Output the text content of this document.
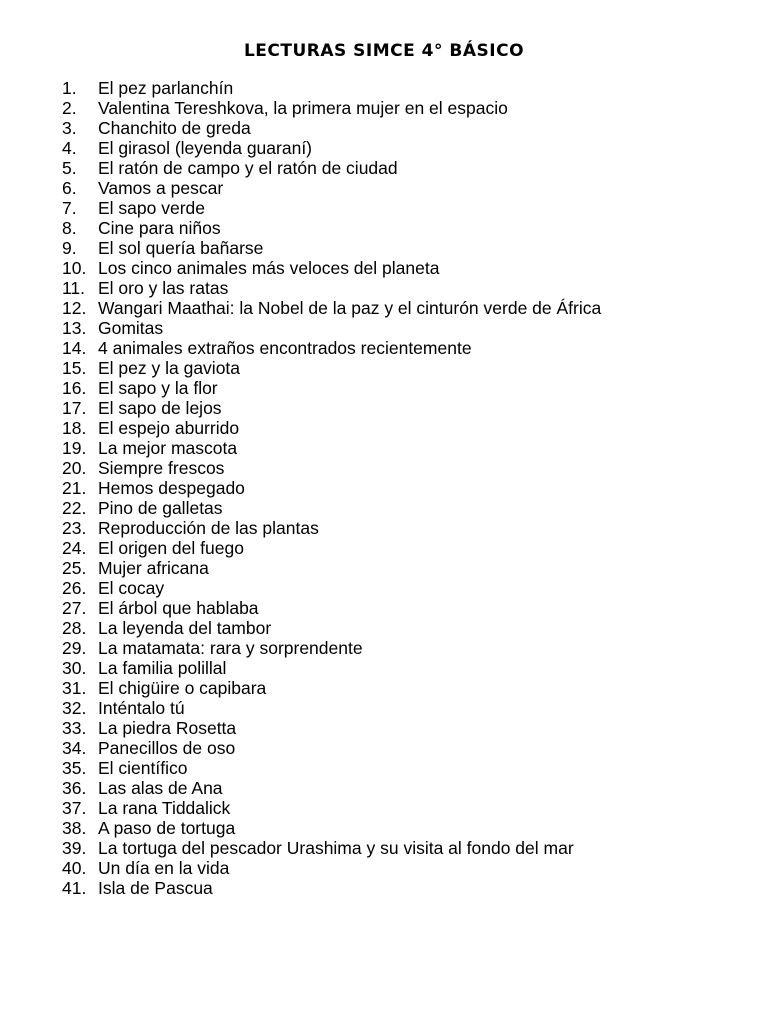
LECTURAS SIMCE 4° BÁSICO
1.	El pez parlanchín
2.	Valentina Tereshkova, la primera mujer en el espacio
3.	Chanchito de greda
4.	El girasol (leyenda guaraní)
5.	El ratón de campo y el ratón de ciudad
6.	Vamos a pescar
7.	El sapo verde
8.	Cine para niños
9.	El sol quería bañarse
10. Los cinco animales más veloces del planeta
11. El oro y las ratas
12. Wangari Maathai: la Nobel de la paz y el cinturón verde de África
13. Gomitas
14. 4 animales extraños encontrados recientemente
15. El pez y la gaviota
16. El sapo y la flor
17. El sapo de lejos
18. El espejo aburrido
19. La mejor mascota
20. Siempre frescos
21. Hemos despegado
22. Pino de galletas
23. Reproducción de las plantas
24. El origen del fuego
25. Mujer africana
26. El cocay
27. El árbol que hablaba
28. La leyenda del tambor
29. La matamata: rara y sorprendente
30. La familia polillal
31. El chigüire o capibara
32. Inténtalo tú
33. La piedra Rosetta
34. Panecillos de oso
35. El científico
36. Las alas de Ana
37. La rana Tiddalick
38. A paso de tortuga
39. La tortuga del pescador Urashima y su visita al fondo del mar
40. Un día en la vida
41. Isla de Pascua
